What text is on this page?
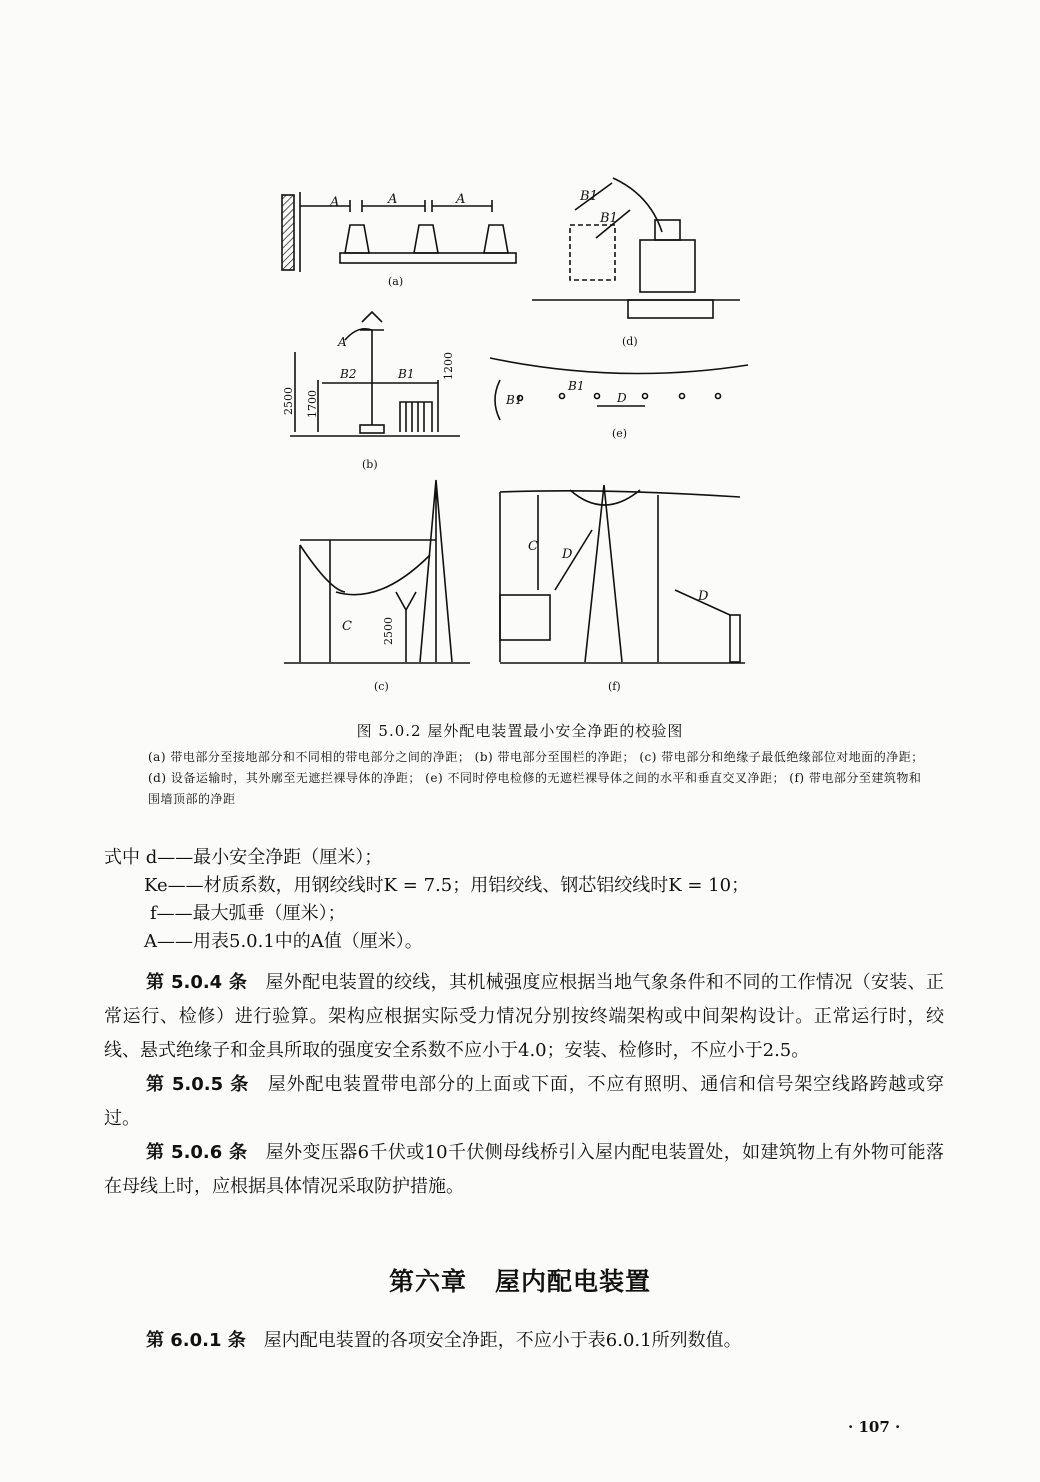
A	A	A
(a)
B1
B1
(d)
A
B2	B1
2500 1700
1200
(b)
B1
B1	D
(e)
C	2500
(c)
C
D
D
(f)
图 5.0.2 屋外配电装置最小安全净距的校验图
(a) 带电部分至接地部分和不同相的带电部分之间的净距； (b) 带电部分至围栏的净距； (c) 带电部分和绝缘子最低绝缘部位对地面的净距； (d) 设备运输时，其外廓至无遮拦裸导体的净距； (e) 不同时停电检修的无遮栏裸导体之间的水平和垂直交叉净距； (f) 带电部分至建筑物和围墙顶部的净距
式中 d——最小安全净距（厘米）；
Ke——材质系数，用钢绞线时K = 7.5；用铝绞线、钢芯铝绞线时K = 10；
f——最大弧垂（厘米）；
A——用表5.0.1中的A值（厘米）。

第 5.0.4 条　 屋外配电装置的绞线，其机械强度应根据当地气象条件和不同的工作情况（安装、正常运行、检修）进行验算。架构应根据实际受力情况分别按终端架构或中间架构设计。正常运行时，绞线、悬式绝缘子和金具所取的强度安全系数不应小于4.0；安装、检修时，不应小于2.5。

第 5.0.5 条　 屋外配电装置带电部分的上面或下面，不应有照明、通信和信号架空线路跨越或穿过。

第 5.0.6 条　 屋外变压器6千伏或10千伏侧母线桥引入屋内配电装置处，如建筑物上有外物可能落在母线上时，应根据具体情况采取防护措施。

第六章 屋内配电装置
第 6.0.1 条　 屋内配电装置的各项安全净距，不应小于表6.0.1所列数值。
· 107 ·
